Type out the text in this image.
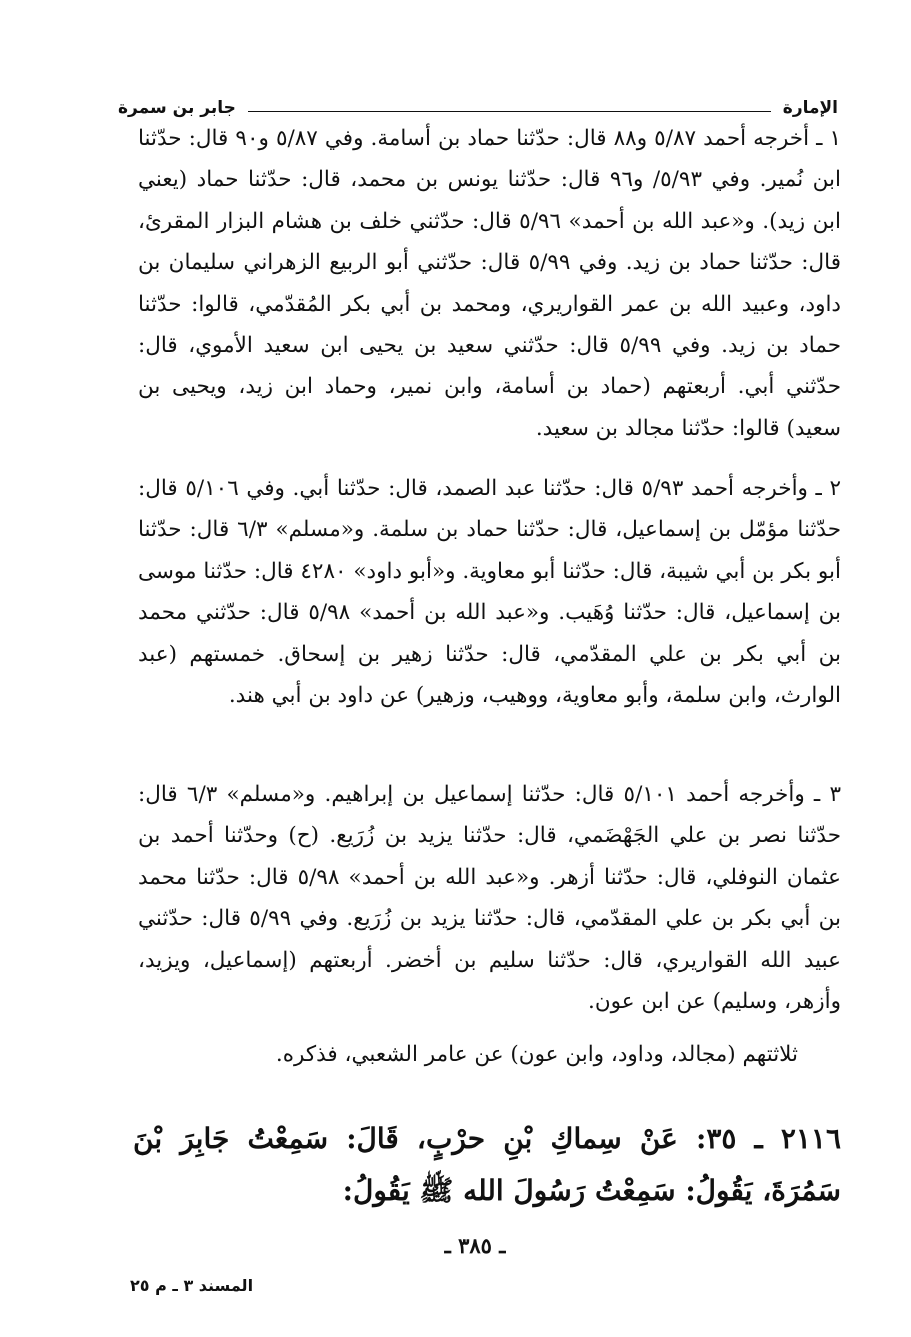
الإمارة
جابر بن سمرة
١ ـ أخرجه أحمد ٥/٨٧ و٨٨ قال: حدّثنا حماد بن أسامة. وفي ٥/٨٧ و٩٠ قال: حدّثنا ابن نُمير. وفي ٥/٩٣/ و٩٦ قال: حدّثنا يونس بن محمد، قال: حدّثنا حماد (يعني ابن زيد). و«عبد الله بن أحمد» ٥/٩٦ قال: حدّثني خلف بن هشام البزار المقرئ، قال: حدّثنا حماد بن زيد. وفي ٥/٩٩ قال: حدّثني أبو الربيع الزهراني سليمان بن داود، وعبيد الله بن عمر القواريري، ومحمد بن أبي بكر المُقدّمي، قالوا: حدّثنا حماد بن زيد. وفي ٥/٩٩ قال: حدّثني سعيد بن يحيى ابن سعيد الأموي، قال: حدّثني أبي. أربعتهم (حماد بن أسامة، وابن نمير، وحماد ابن زيد، ويحيى بن سعيد) قالوا: حدّثنا مجالد بن سعيد.
٢ ـ وأخرجه أحمد ٥/٩٣ قال: حدّثنا عبد الصمد، قال: حدّثنا أبي. وفي ٥/١٠٦ قال: حدّثنا مؤمّل بن إسماعيل، قال: حدّثنا حماد بن سلمة. و«مسلم» ٦/٣ قال: حدّثنا أبو بكر بن أبي شيبة، قال: حدّثنا أبو معاوية. و«أبو داود» ٤٢٨٠ قال: حدّثنا موسى بن إسماعيل، قال: حدّثنا وُهَيب. و«عبد الله بن أحمد» ٥/٩٨ قال: حدّثني محمد بن أبي بكر بن علي المقدّمي، قال: حدّثنا زهير بن إسحاق. خمستهم (عبد الوارث، وابن سلمة، وأبو معاوية، ووهيب، وزهير) عن داود بن أبي هند.
٣ ـ وأخرجه أحمد ٥/١٠١ قال: حدّثنا إسماعيل بن إبراهيم. و«مسلم» ٦/٣ قال: حدّثنا نصر بن علي الجَهْضَمي، قال: حدّثنا يزيد بن زُرَيع. (ح) وحدّثنا أحمد بن عثمان النوفلي، قال: حدّثنا أزهر. و«عبد الله بن أحمد» ٥/٩٨ قال: حدّثنا محمد بن أبي بكر بن علي المقدّمي، قال: حدّثنا يزيد بن زُرَيع. وفي ٥/٩٩ قال: حدّثني عبيد الله القواريري، قال: حدّثنا سليم بن أخضر. أربعتهم (إسماعيل، ويزيد، وأزهر، وسليم) عن ابن عون.
ثلاثتهم (مجالد، وداود، وابن عون) عن عامر الشعبي، فذكره.
٢١١٦ ـ ٣٥: عَنْ سِماكِ بْنِ حرْبٍ، قَالَ: سَمِعْتُ جَابِرَ بْنَ سَمُرَةَ، يَقُولُ: سَمِعْتُ رَسُولَ الله ﷺ يَقُولُ:
ـ ٣٨٥ ـ
المسند ٣ ـ م ٢٥
